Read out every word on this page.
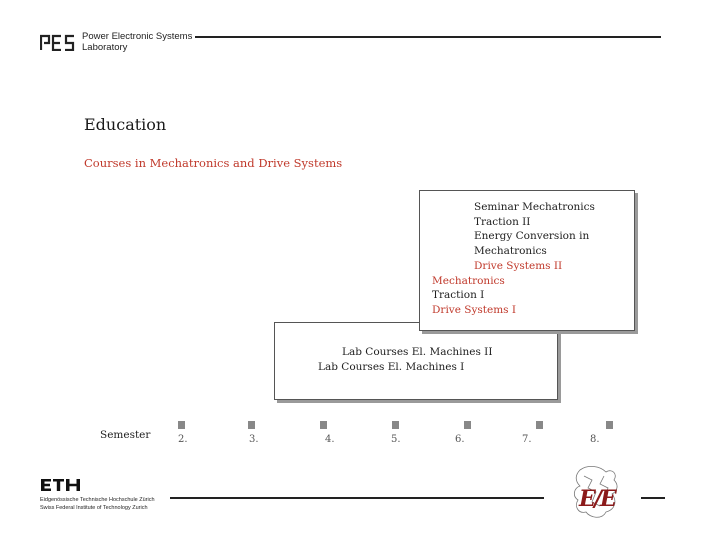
Power Electronic Systems
Laboratory
Education
Courses in Mechatronics and Drive Systems
Seminar Mechatronics
Traction II
Energy Conversion in
Mechatronics
Drive Systems II
Mechatronics
Traction I
Drive Systems I
Lab Courses El. Machines II
Lab Courses El. Machines I
Semester	2.	3.	4.	5.	6.	7.	8.
Eidgenössische Technische Hochschule Zürich
Swiss Federal Institute of Technology Zurich	E
/
E
